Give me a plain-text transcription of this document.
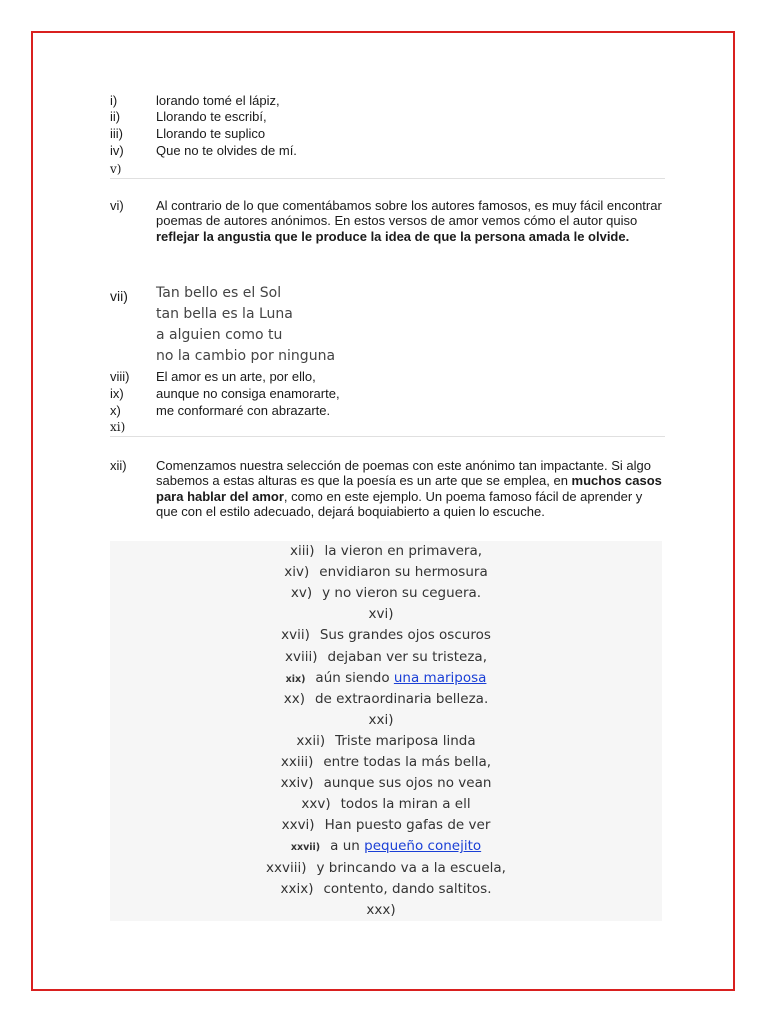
i)	lorando tomé el lápiz,
ii)	Llorando te escribí,
iii)	Llorando te suplico
iv)	Que no te olvides de mí.
v)
vi)	Al contrario de lo que comentábamos sobre los autores famosos, es muy fácil encontrar poemas de autores anónimos. En estos versos de amor vemos cómo el autor quiso reflejar la angustia que le produce la idea de que la persona amada le olvide.
vii)	Tan bello es el Sol
tan bella es la Luna
a alguien como tu
no la cambio por ninguna
viii)	El amor es un arte, por ello,
ix)	aunque no consiga enamorarte,
x)	me conformaré con abrazarte.
xi)
xii)	Comenzamos nuestra selección de poemas con este anónimo tan impactante. Si algo sabemos a estas alturas es que la poesía es un arte que se emplea, en muchos casos para hablar del amor, como en este ejemplo. Un poema famoso fácil de aprender y que con el estilo adecuado, dejará boquiabierto a quien lo escuche.
xiii) la vieron en primavera,
xiv) envidiaron su hermosura
xv) y no vieron su ceguera.
xvi)
xvii) Sus grandes ojos oscuros
xviii) dejaban ver su tristeza,
xix) aún siendo una mariposa
xx) de extraordinaria belleza.
xxi)
xxii) Triste mariposa linda
xxiii) entre todas la más bella,
xxiv) aunque sus ojos no vean
xxv) todos la miran a ell
xxvi) Han puesto gafas de ver
xxvii) a un pequeño conejito
xxviii) y brincando va a la escuela,
xxix) contento, dando saltitos.
xxx)
